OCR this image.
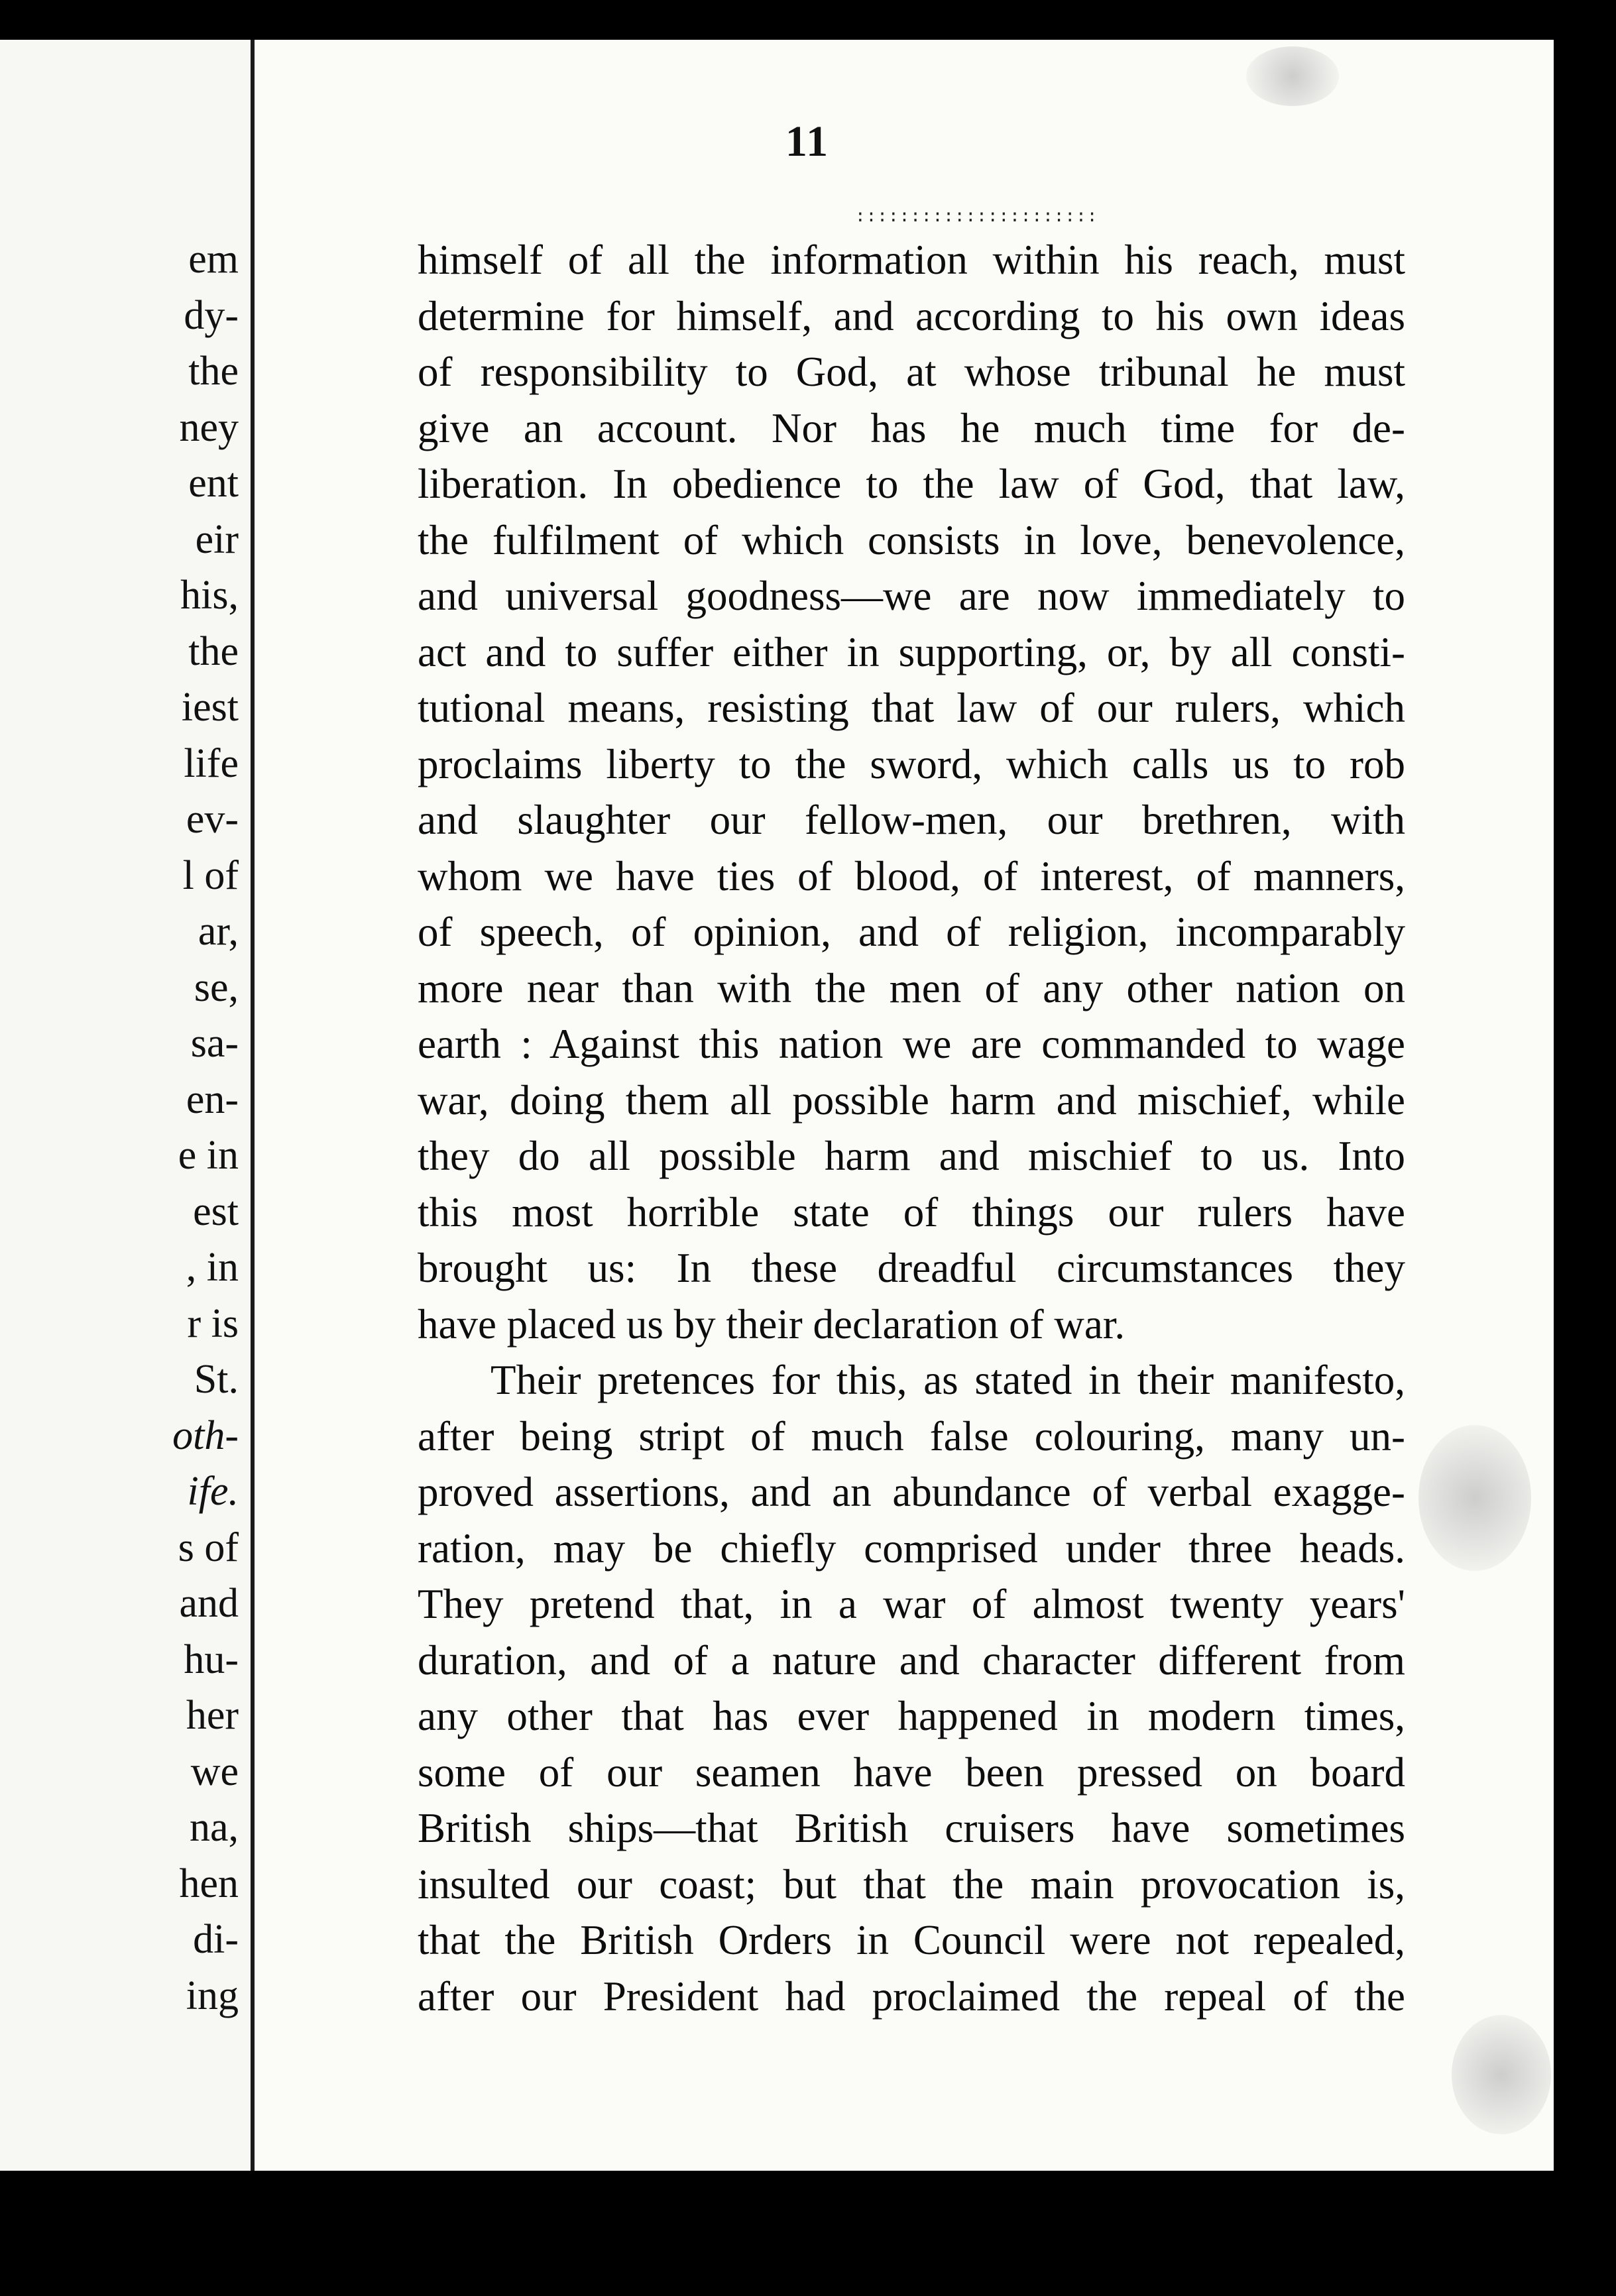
em
dy-
the
ney
ent
eir
his,
the
iest
life
ev-
l of
ar,
se,
sa-
en-
e in
est
, in
r is
St.
oth-
ife.
s of
and
hu-
her
we
na,
hen
di-
ing
11
::::::::::::::::::::::
himself of all the information within his reach, must
determine for himself, and according to his own ideas
of responsibility to God, at whose tribunal he must
give an account. Nor has he much time for de-
liberation. In obedience to the law of God, that law,
the fulfilment of which consists in love, benevolence,
and universal goodness—we are now immediately to
act and to suffer either in supporting, or, by all consti-
tutional means, resisting that law of our rulers, which
proclaims liberty to the sword, which calls us to rob
and slaughter our fellow-men, our brethren, with
whom we have ties of blood, of interest, of manners,
of speech, of opinion, and of religion, incomparably
more near than with the men of any other nation on
earth : Against this nation we are commanded to wage
war, doing them all possible harm and mischief, while
they do all possible harm and mischief to us. Into
this most horrible state of things our rulers have
brought us: In these dreadful circumstances they
have placed us by their declaration of war.
Their pretences for this, as stated in their manifesto,
after being stript of much false colouring, many un-
proved assertions, and an abundance of verbal exagge-
ration, may be chiefly comprised under three heads.
They pretend that, in a war of almost twenty years'
duration, and of a nature and character different from
any other that has ever happened in modern times,
some of our seamen have been pressed on board
British ships—that British cruisers have sometimes
insulted our coast; but that the main provocation is,
that the British Orders in Council were not repealed,
after our President had proclaimed the repeal of the
